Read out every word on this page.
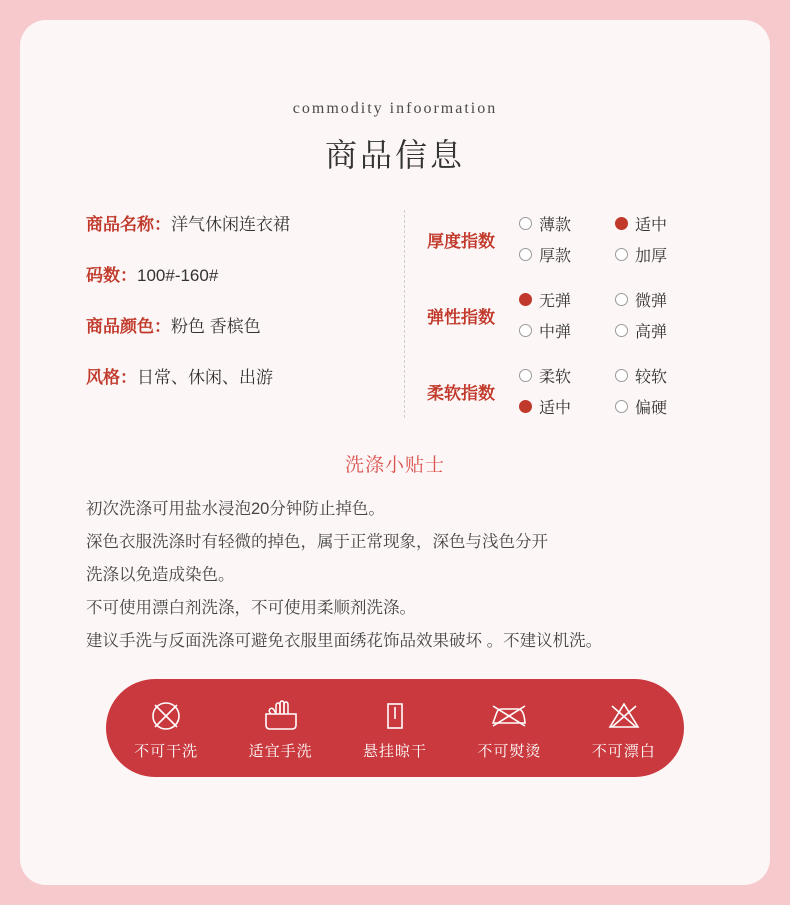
commodity infoormation
商品信息
商品名称：洋气休闲连衣裙
码数：100#-160#
商品颜色：粉色 香槟色
风格：日常、休闲、出游
厚度指数
薄款	适中
厚款	加厚
弹性指数
无弹	微弹
中弹	高弹
柔软指数
柔软	较软
适中	偏硬
洗涤小贴士

初次洗涤可用盐水浸泡20分钟防止掉色。

深色衣服洗涤时有轻微的掉色，属于正常现象，深色与浅色分开

洗涤以免造成染色。

不可使用漂白剂洗涤，不可使用柔顺剂洗涤。

建议手洗与反面洗涤可避免衣服里面绣花饰品效果破坏 。不建议机洗。

不可干洗	适宜手洗	悬挂晾干	不可熨烫	不可漂白
